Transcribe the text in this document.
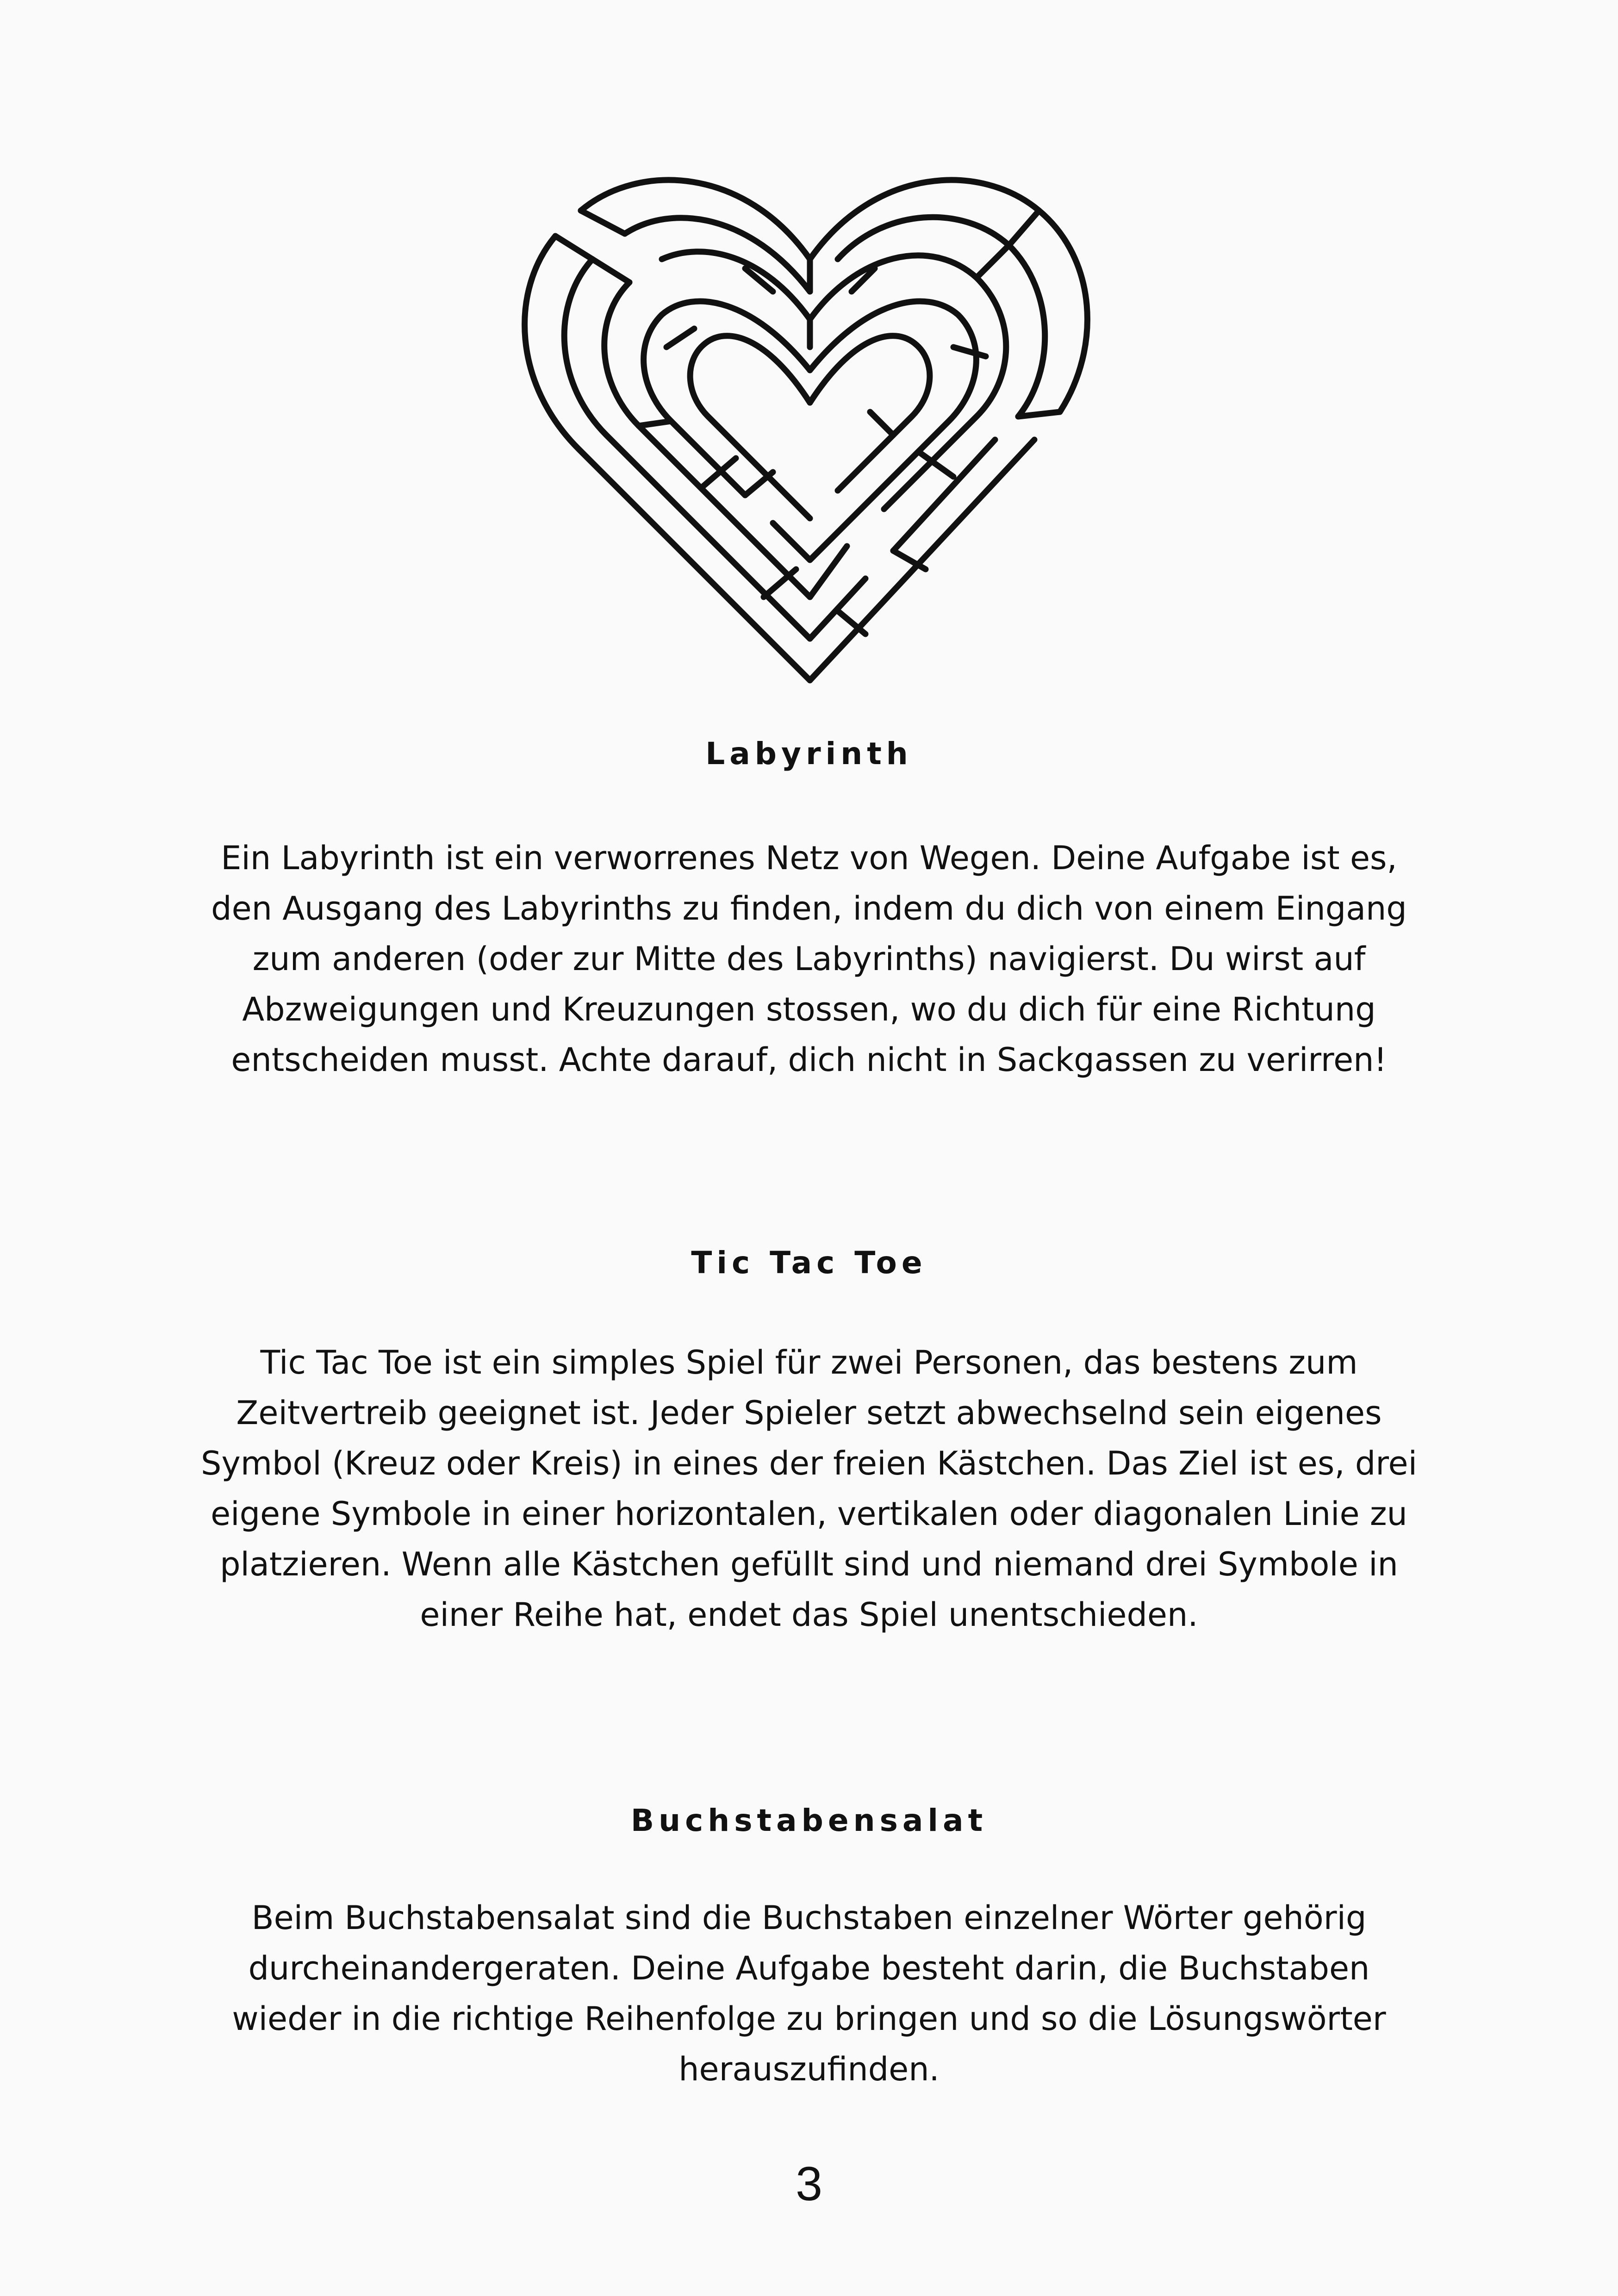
Labyrinth

Ein Labyrinth ist ein verworrenes Netz von Wegen. Deine Aufgabe ist es, den Ausgang des Labyrinths zu finden, indem du dich von einem Eingang zum anderen (oder zur Mitte des Labyrinths) navigierst. Du wirst auf Abzweigungen und Kreuzungen stossen, wo du dich für eine Richtung entscheiden musst. Achte darauf, dich nicht in Sackgassen zu verirren!

Tic Tac Toe

Tic Tac Toe ist ein simples Spiel für zwei Personen, das bestens zum Zeitvertreib geeignet ist. Jeder Spieler setzt abwechselnd sein eigenes Symbol (Kreuz oder Kreis) in eines der freien Kästchen. Das Ziel ist es, drei eigene Symbole in einer horizontalen, vertikalen oder diagonalen Linie zu platzieren. Wenn alle Kästchen gefüllt sind und niemand drei Symbole in einer Reihe hat, endet das Spiel unentschieden.

Buchstabensalat

Beim Buchstabensalat sind die Buchstaben einzelner Wörter gehörig durcheinandergeraten. Deine Aufgabe besteht darin, die Buchstaben wieder in die richtige Reihenfolge zu bringen und so die Lösungswörter herauszufinden.

3
